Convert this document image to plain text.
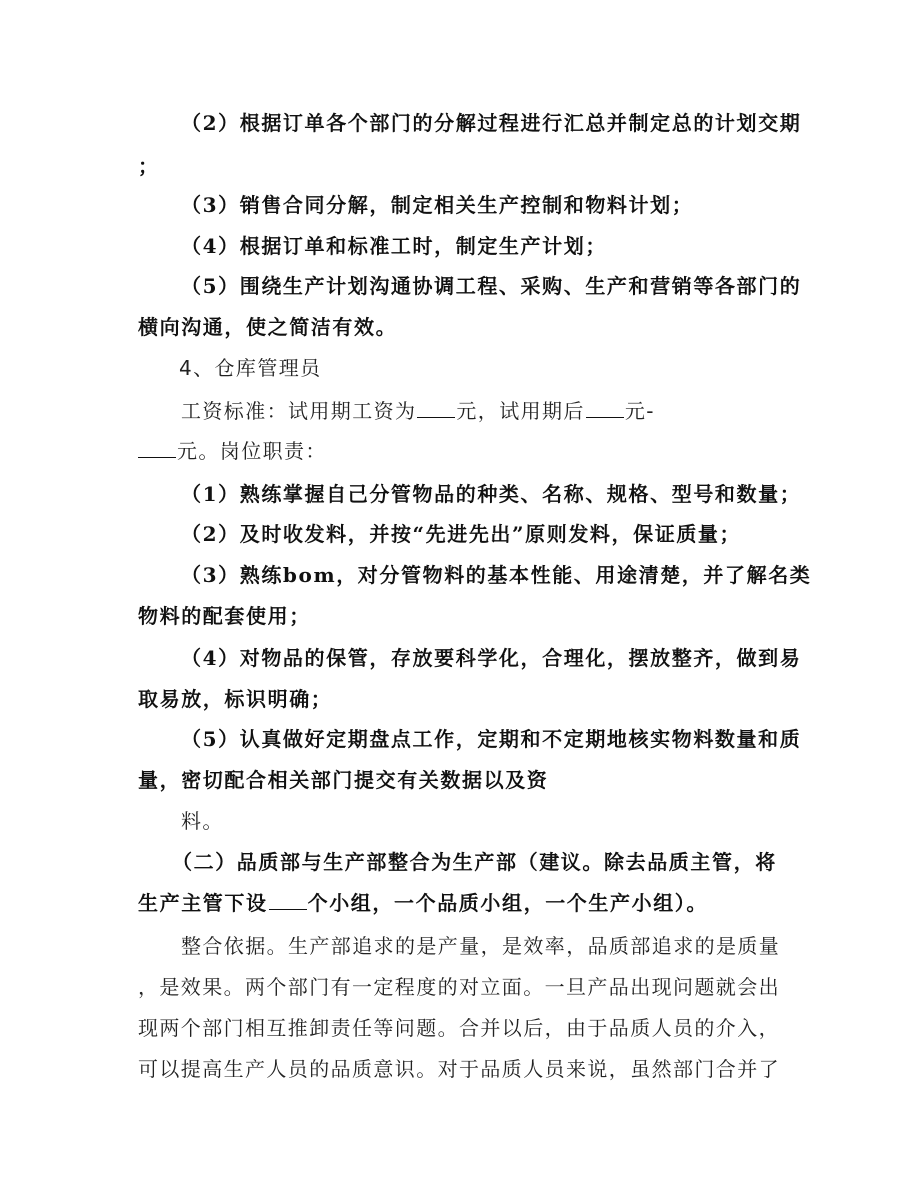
（2）根据订单各个部门的分解过程进行汇总并制定总的计划交期
；
（3）销售合同分解，制定相关生产控制和物料计划；
（4）根据订单和标准工时，制定生产计划；
（5）围绕生产计划沟通协调工程、采购、生产和营销等各部门的
横向沟通，使之简洁有效。
4、仓库管理员
工资标准：试用期工资为 元，试用期后 元-
元。岗位职责：
（1）熟练掌握自己分管物品的种类、名称、规格、型号和数量；
（2）及时收发料，并按“先进先出”原则发料，保证质量；
（3）熟练bom，对分管物料的基本性能、用途清楚，并了解名类
物料的配套使用；
（4）对物品的保管，存放要科学化，合理化，摆放整齐，做到易
取易放，标识明确；
（5）认真做好定期盘点工作，定期和不定期地核实物料数量和质
量，密切配合相关部门提交有关数据以及资
料。
（二）品质部与生产部整合为生产部（建议。除去品质主管，将
生产主管下设 个小组，一个品质小组，一个生产小组）。
整合依据。生产部追求的是产量，是效率，品质部追求的是质量
，是效果。两个部门有一定程度的对立面。一旦产品出现问题就会出
现两个部门相互推卸责任等问题。合并以后，由于品质人员的介入，
可以提高生产人员的品质意识。对于品质人员来说，虽然部门合并了
